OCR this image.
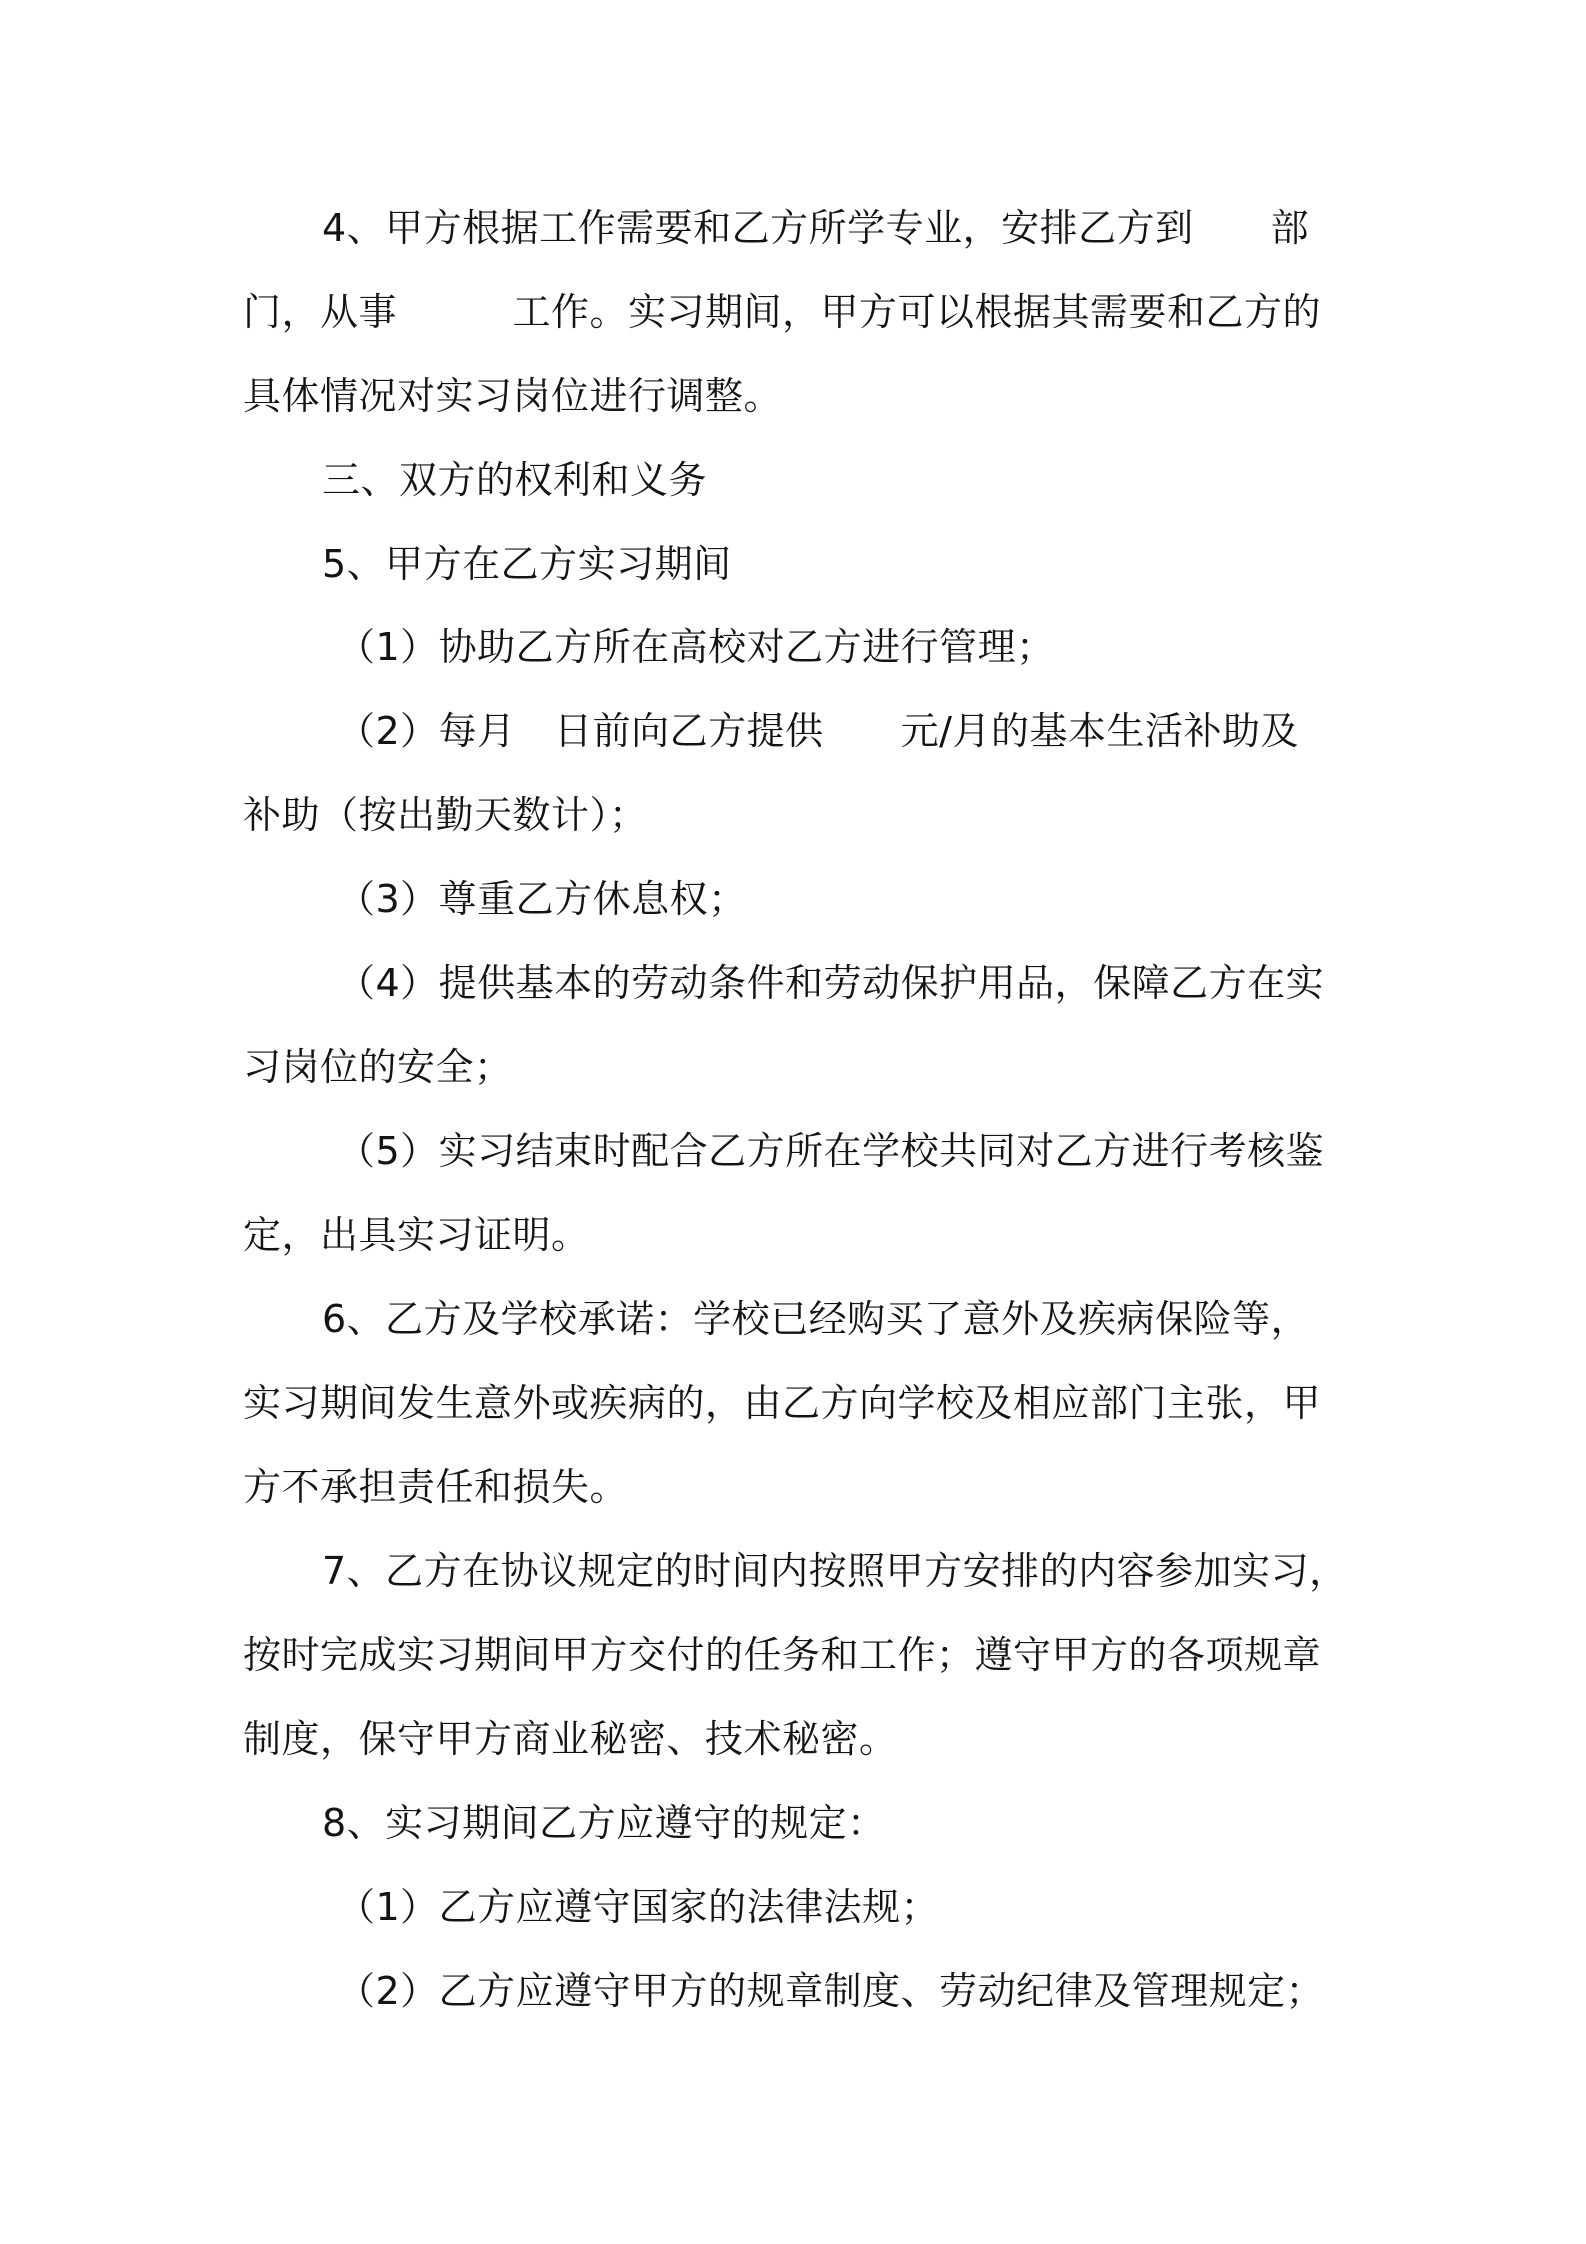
4、甲方根据工作需要和乙方所学专业，安排乙方到　　部
门，从事　　　工作。实习期间，甲方可以根据其需要和乙方的
具体情况对实习岗位进行调整。
三、双方的权利和义务
5、甲方在乙方实习期间
（1）协助乙方所在高校对乙方进行管理；
（2）每月　日前向乙方提供　　元/月的基本生活补助及
补助（按出勤天数计）；
（3）尊重乙方休息权；
（4）提供基本的劳动条件和劳动保护用品，保障乙方在实
习岗位的安全；
（5）实习结束时配合乙方所在学校共同对乙方进行考核鉴
定，出具实习证明。
6、乙方及学校承诺：学校已经购买了意外及疾病保险等，
实习期间发生意外或疾病的，由乙方向学校及相应部门主张，甲
方不承担责任和损失。
7、乙方在协议规定的时间内按照甲方安排的内容参加实习，
按时完成实习期间甲方交付的任务和工作；遵守甲方的各项规章
制度，保守甲方商业秘密、技术秘密。
8、实习期间乙方应遵守的规定：
（1）乙方应遵守国家的法律法规；
（2）乙方应遵守甲方的规章制度、劳动纪律及管理规定；
